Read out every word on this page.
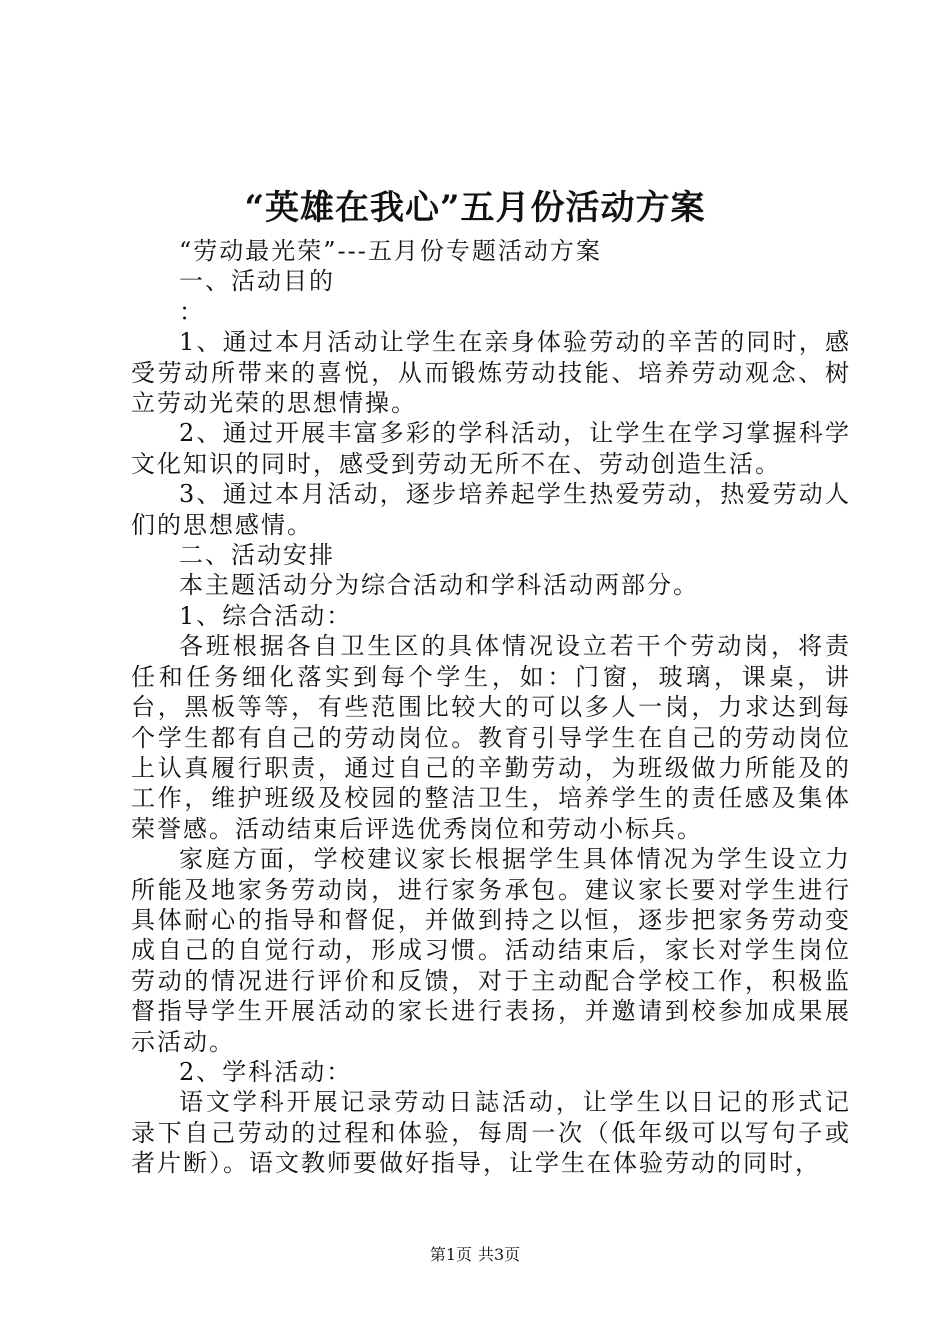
“英雄在我心”五月份活动方案

“劳动最光荣”---五月份专题活动方案

一、活动目的

：

1、通过本月活动让学生在亲身体验劳动的辛苦的同时，感受劳动所带来的喜悦，从而锻炼劳动技能、培养劳动观念、树立劳动光荣的思想情操。

2、通过开展丰富多彩的学科活动，让学生在学习掌握科学文化知识的同时，感受到劳动无所不在、劳动创造生活。

3、通过本月活动，逐步培养起学生热爱劳动，热爱劳动人们的思想感情。

二、活动安排

本主题活动分为综合活动和学科活动两部分。

1、综合活动：

各班根据各自卫生区的具体情况设立若干个劳动岗，将责任和任务细化落实到每个学生，如：门窗，玻璃，课桌，讲台，黑板等等，有些范围比较大的可以多人一岗，力求达到每个学生都有自己的劳动岗位。教育引导学生在自己的劳动岗位上认真履行职责，通过自己的辛勤劳动，为班级做力所能及的工作，维护班级及校园的整洁卫生，培养学生的责任感及集体荣誉感。活动结束后评选优秀岗位和劳动小标兵。

家庭方面，学校建议家长根据学生具体情况为学生设立力所能及地家务劳动岗，进行家务承包。建议家长要对学生进行具体耐心的指导和督促，并做到持之以恒，逐步把家务劳动变成自己的自觉行动，形成习惯。活动结束后，家长对学生岗位劳动的情况进行评价和反馈，对于主动配合学校工作，积极监督指导学生开展活动的家长进行表扬，并邀请到校参加成果展示活动。

2、学科活动：

语文学科开展记录劳动日誌活动，让学生以日记的形式记录下自己劳动的过程和体验，每周一次（低年级可以写句子或者片断）。语文教师要做好指导，让学生在体验劳动的同时，

第1页 共3页
